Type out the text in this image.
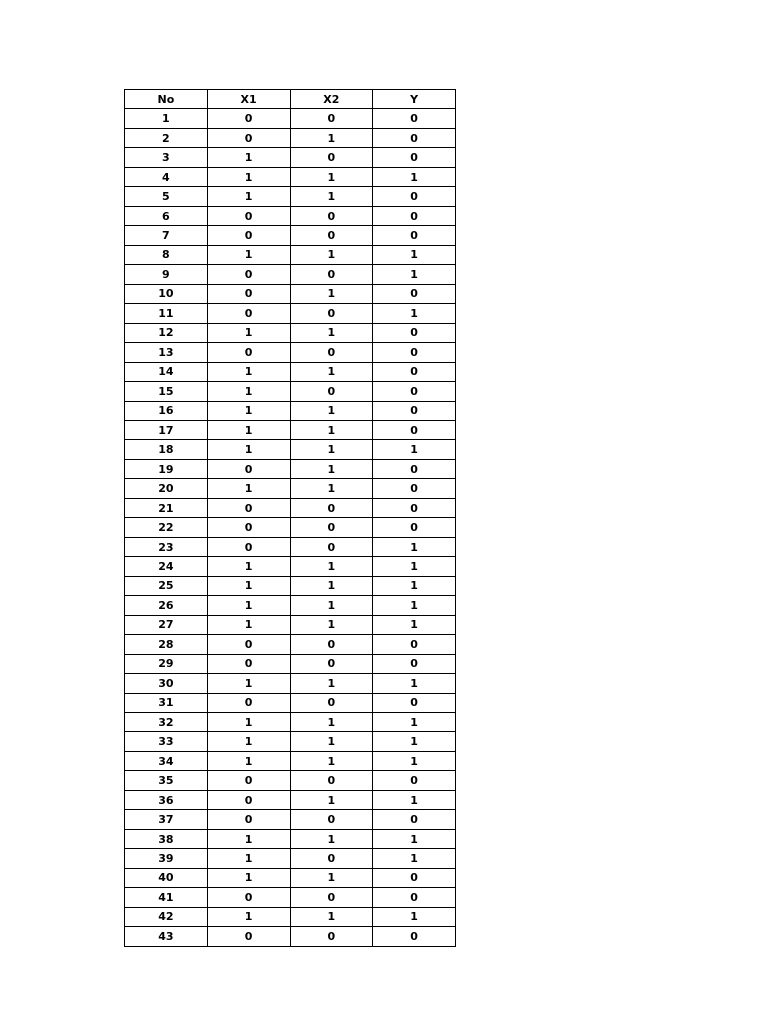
No	X1	X2	Y
1	0	0	0
2	0	1	0
3	1	0	0
4	1	1	1
5	1	1	0
6	0	0	0
7	0	0	0
8	1	1	1
9	0	0	1
10	0	1	0
11	0	0	1
12	1	1	0
13	0	0	0
14	1	1	0
15	1	0	0
16	1	1	0
17	1	1	0
18	1	1	1
19	0	1	0
20	1	1	0
21	0	0	0
22	0	0	0
23	0	0	1
24	1	1	1
25	1	1	1
26	1	1	1
27	1	1	1
28	0	0	0
29	0	0	0
30	1	1	1
31	0	0	0
32	1	1	1
33	1	1	1
34	1	1	1
35	0	0	0
36	0	1	1
37	0	0	0
38	1	1	1
39	1	0	1
40	1	1	0
41	0	0	0
42	1	1	1
43	0	0	0
